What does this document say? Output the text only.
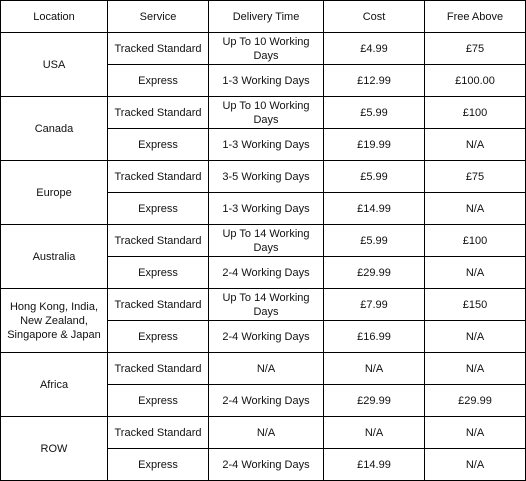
Location	Service	Delivery Time	Cost	Free Above
USA	Tracked Standard	Up To 10 Working Days	£4.99	£75
	Express	1-3 Working Days	£12.99	£100.00
Canada	Tracked Standard	Up To 10 Working Days	£5.99	£100
	Express	1-3 Working Days	£19.99	N/A
Europe	Tracked Standard	3-5 Working Days	£5.99	£75
	Express	1-3 Working Days	£14.99	N/A
Australia	Tracked Standard	Up To 14 Working Days	£5.99	£100
	Express	2-4 Working Days	£29.99	N/A
Hong Kong, India, New Zealand, Singapore & Japan	Tracked Standard	Up To 14 Working Days	£7.99	£150
	Express	2-4 Working Days	£16.99	N/A
Africa	Tracked Standard	N/A	N/A	N/A
	Express	2-4 Working Days	£29.99	£29.99
ROW	Tracked Standard	N/A	N/A	N/A
	Express	2-4 Working Days	£14.99	N/A
